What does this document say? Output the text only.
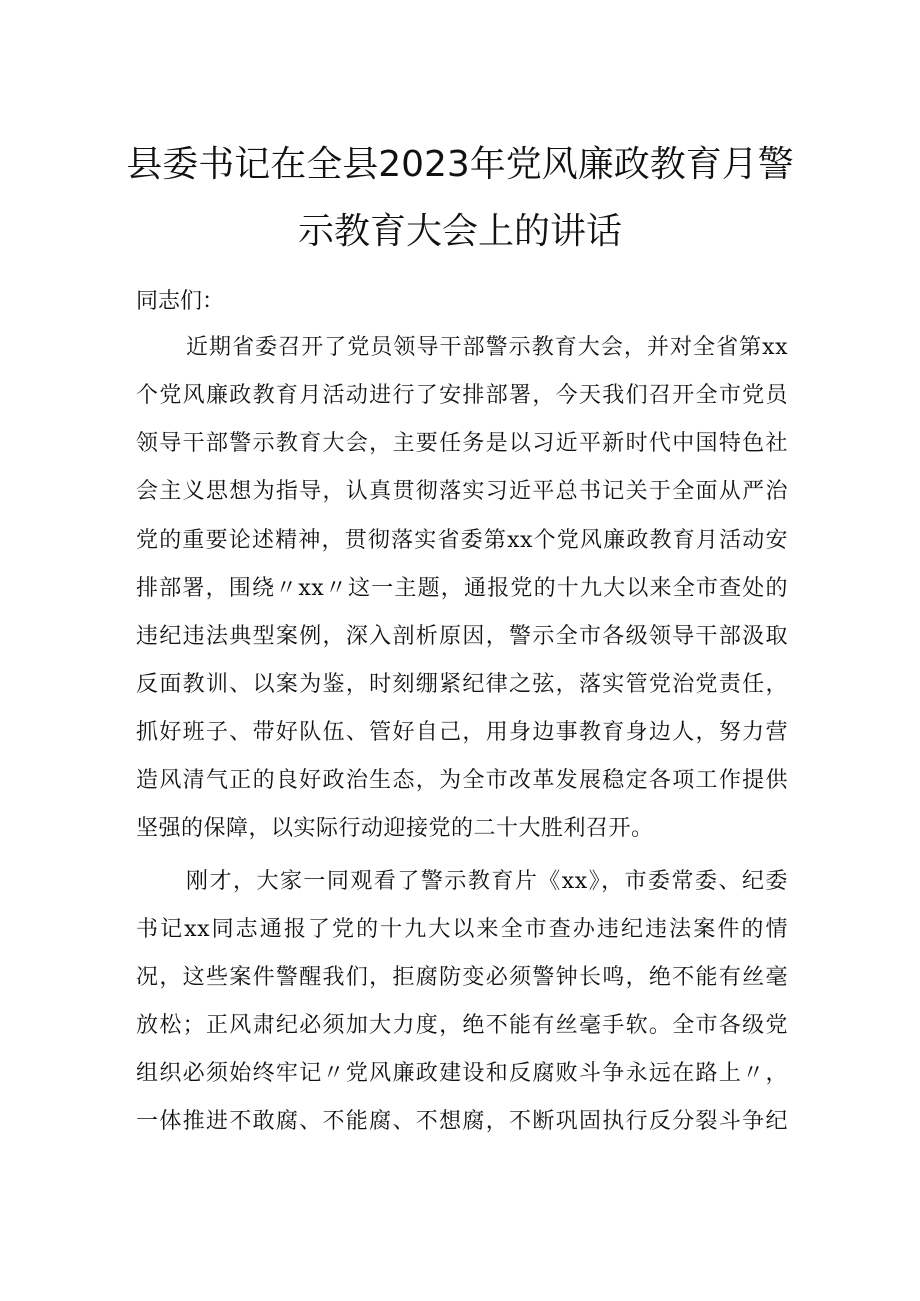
县委书记在全县2023年党风廉政教育月警
示教育大会上的讲话
同志们：
近期省委召开了党员领导干部警示教育大会，并对全省第xx
个党风廉政教育月活动进行了安排部署，今天我们召开全市党员
领导干部警示教育大会，主要任务是以习近平新时代中国特色社
会主义思想为指导，认真贯彻落实习近平总书记关于全面从严治
党的重要论述精神，贯彻落实省委第xx个党风廉政教育月活动安
排部署，围绕〃xx〃这一主题，通报党的十九大以来全市查处的
违纪违法典型案例，深入剖析原因，警示全市各级领导干部汲取
反面教训、以案为鉴，时刻绷紧纪律之弦，落实管党治党责任，
抓好班子、带好队伍、管好自己，用身边事教育身边人，努力营
造风清气正的良好政治生态，为全市改革发展稳定各项工作提供
坚强的保障，以实际行动迎接党的二十大胜利召开。
刚才，大家一同观看了警示教育片《xx》，市委常委、纪委
书记xx同志通报了党的十九大以来全市查办违纪违法案件的情
况，这些案件警醒我们，拒腐防变必须警钟长鸣，绝不能有丝毫
放松；正风肃纪必须加大力度，绝不能有丝毫手软。全市各级党
组织必须始终牢记〃党风廉政建设和反腐败斗争永远在路上〃，
一体推进不敢腐、不能腐、不想腐，不断巩固执行反分裂斗争纪
